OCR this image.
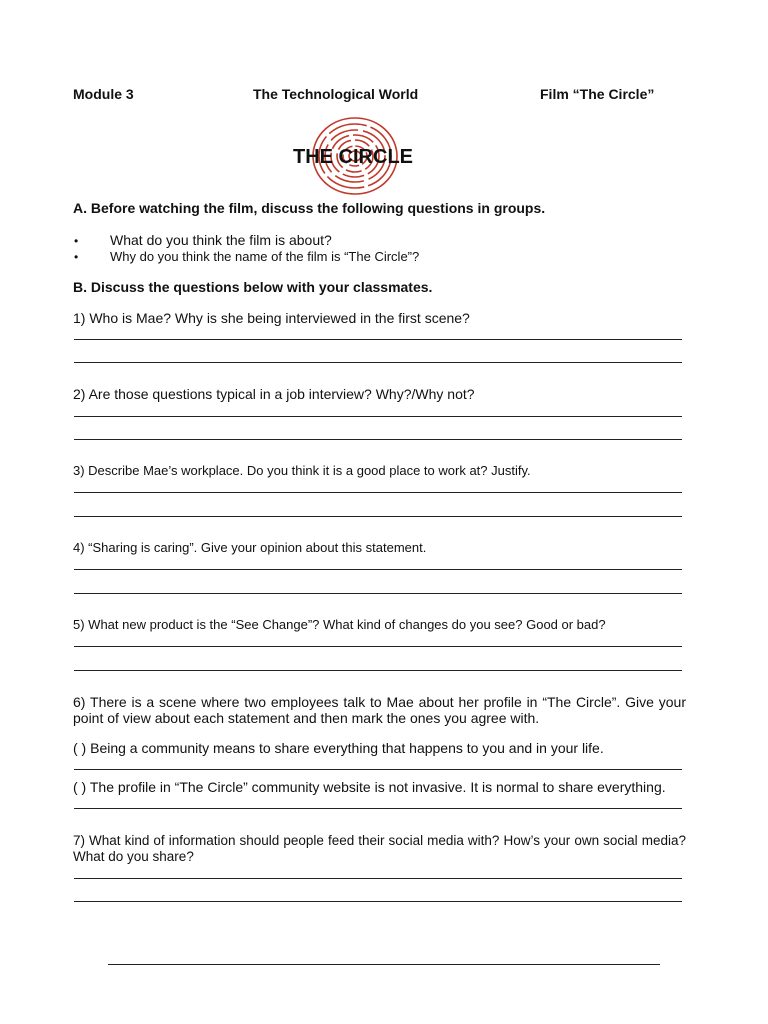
Module 3	The Technological World	Film “The Circle”
THE CIRCLE
A. Before watching the film, discuss the following questions in groups.
• What do you think the film is about?
• Why do you think the name of the film is “The Circle”?
B. Discuss the questions below with your classmates.
1) Who is Mae? Why is she being interviewed in the first scene?
2) Are those questions typical in a job interview? Why?/Why not?
3) Describe Mae’s workplace. Do you think it is a good place to work at? Justify.
4) “Sharing is caring”. Give your opinion about this statement.
5) What new product is the “See Change”? What kind of changes do you see? Good or bad?
6) There is a scene where two employees talk to Mae about her profile in “The Circle”. Give your point of view about each statement and then mark the ones you agree with.
( ) Being a community means to share everything that happens to you and in your life.
( ) The profile in “The Circle” community website is not invasive. It is normal to share everything.
7) What kind of information should people feed their social media with? How’s your own social media? What do you share?
